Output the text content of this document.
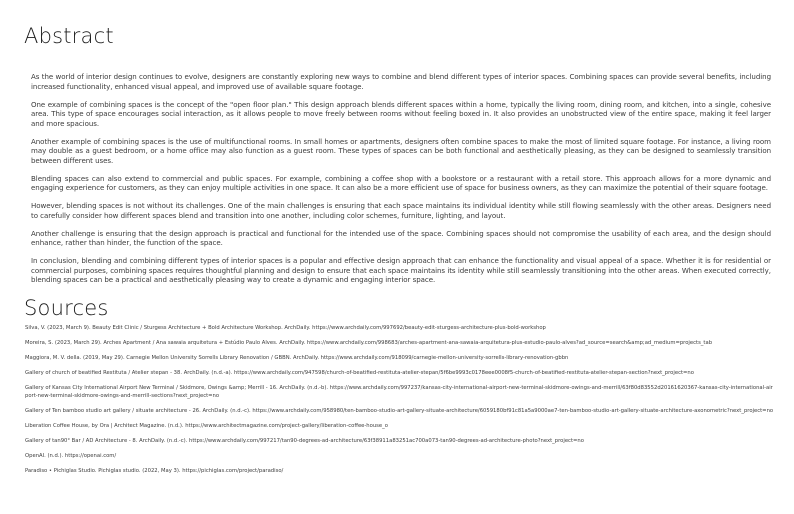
Abstract

As the world of interior design continues to evolve, designers are constantly exploring new ways to combine and blend different types of interior spaces. Combining spaces can provide several benefits, including increased functionality, enhanced visual appeal, and improved use of available square footage.

One example of combining spaces is the concept of the "open floor plan." This design approach blends different spaces within a home, typically the living room, dining room, and kitchen, into a single, cohesive area. This type of space encourages social interaction, as it allows people to move freely between rooms without feeling boxed in. It also provides an unobstructed view of the entire space, making it feel larger and more spacious.

Another example of combining spaces is the use of multifunctional rooms. In small homes or apartments, designers often combine spaces to make the most of limited square footage. For instance, a living room may double as a guest bedroom, or a home office may also function as a guest room. These types of spaces can be both functional and aesthetically pleasing, as they can be designed to seamlessly transition between different uses.

Blending spaces can also extend to commercial and public spaces. For example, combining a coffee shop with a bookstore or a restaurant with a retail store. This approach allows for a more dynamic and engaging experience for customers, as they can enjoy multiple activities in one space. It can also be a more efficient use of space for business owners, as they can maximize the potential of their square footage.

However, blending spaces is not without its challenges. One of the main challenges is ensuring that each space maintains its individual identity while still flowing seamlessly with the other areas. Designers need to carefully consider how different spaces blend and transition into one another, including color schemes, furniture, lighting, and layout.

Another challenge is ensuring that the design approach is practical and functional for the intended use of the space. Combining spaces should not compromise the usability of each area, and the design should enhance, rather than hinder, the function of the space.

In conclusion, blending and combining different types of interior spaces is a popular and effective design approach that can enhance the functionality and visual appeal of a space. Whether it is for residential or commercial purposes, combining spaces requires thoughtful planning and design to ensure that each space maintains its identity while still seamlessly transitioning into the other areas. When executed correctly, blending spaces can be a practical and aesthetically pleasing way to create a dynamic and engaging interior space.

Sources
Silva, V. (2023, March 9). Beauty Edit Clinic / Sturgess Architecture + Bold Architecture Workshop. ArchDaily. https://www.archdaily.com/997692/beauty-edit-sturgess-architecture-plus-bold-workshop
Moreira, S. (2023, March 29). Arches Apartment / Ana sawaia arquitetura + Estúdio Paulo Alves. ArchDaily. https://www.archdaily.com/998683/arches-apartment-ana-sawaia-arquitetura-plus-estudio-paulo-alves?ad_source=search&amp;ad_medium=projects_tab
Maggiora, M. V. della. (2019, May 29). Carnegie Mellon University Sorrells Library Renovation / GBBN. ArchDaily. https://www.archdaily.com/918099/carnegie-mellon-university-sorrells-library-renovation-gbbn
Gallery of church of beatified Restituta / Atelier stepan - 38. ArchDaily. (n.d.-a). https://www.archdaily.com/947598/church-of-beatified-restituta-atelier-stepan/5f6be9993c0178eee0008f5-church-of-beatified-restituta-atelier-stepan-section?next_project=no
Gallery of Kansas City International Airport New Terminal / Skidmore, Owings &amp; Merrill - 16. ArchDaily. (n.d.-b). https://www.archdaily.com/997237/kansas-city-international-airport-new-terminal-skidmore-owings-and-merrill/63f80d83552d20161620367-kansas-city-international-airport-new-terminal-skidmore-owings-and-merrill-sections?next_project=no
Gallery of Ten bamboo studio art gallery / situate architecture - 26. ArchDaily. (n.d.-c). https://www.archdaily.com/958980/ten-bamboo-studio-art-gallery-situate-architecture/6059180bf91c81a5a9000ae7-ten-bamboo-studio-art-gallery-situate-architecture-axonometric?next_project=no
Liberation Coffee House, by Ora | Architect Magazine. (n.d.). https://www.architectmagazine.com/project-gallery/liberation-coffee-house_o
Gallery of tan90° Bar / AD Architecture - 8. ArchDaily. (n.d.-c). https://www.archdaily.com/997217/tan90-degrees-ad-architecture/63f38911a83251ac700a073-tan90-degrees-ad-architecture-photo?next_project=no
OpenAI. (n.d.). https://openai.com/
Paradiso • Pichiglas Studio. Pichiglas studio. (2022, May 3). https://pichiglas.com/project/paradiso/
